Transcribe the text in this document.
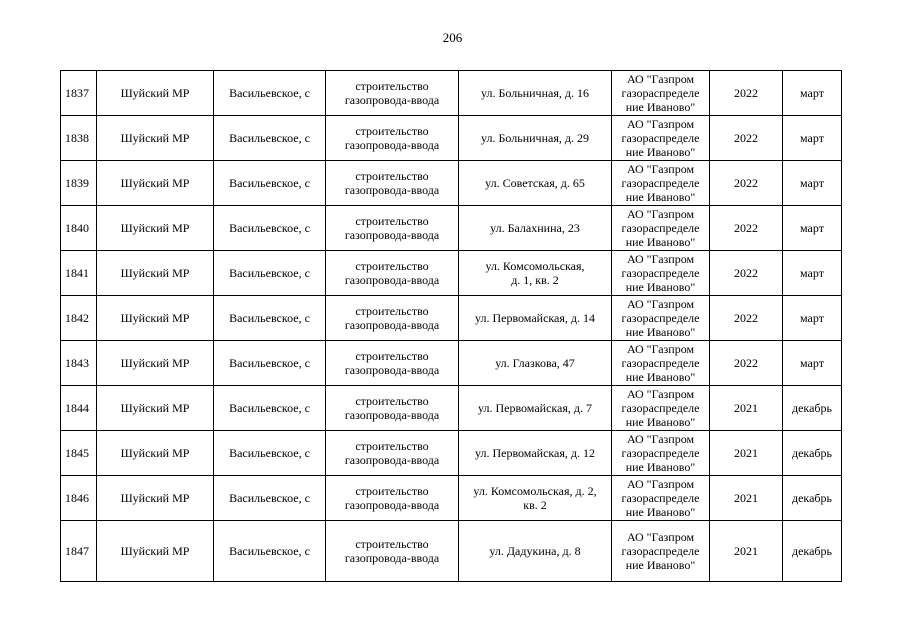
206
1837	Шуйский МР	Васильевское, с	строительство
газопровода-ввода	ул. Больничная, д. 16	АО "Газпром
газораспределе
ние Иваново"	2022	март
1838	Шуйский МР	Васильевское, с	строительство
газопровода-ввода	ул. Больничная, д. 29	АО "Газпром
газораспределе
ние Иваново"	2022	март
1839	Шуйский МР	Васильевское, с	строительство
газопровода-ввода	ул. Советская, д. 65	АО "Газпром
газораспределе
ние Иваново"	2022	март
1840	Шуйский МР	Васильевское, с	строительство
газопровода-ввода	ул. Балахнина, 23	АО "Газпром
газораспределе
ние Иваново"	2022	март
1841	Шуйский МР	Васильевское, с	строительство
газопровода-ввода	ул. Комсомольская,
д. 1, кв. 2	АО "Газпром
газораспределе
ние Иваново"	2022	март
1842	Шуйский МР	Васильевское, с	строительство
газопровода-ввода	ул. Первомайская, д. 14	АО "Газпром
газораспределе
ние Иваново"	2022	март
1843	Шуйский МР	Васильевское, с	строительство
газопровода-ввода	ул. Глазкова, 47	АО "Газпром
газораспределе
ние Иваново"	2022	март
1844	Шуйский МР	Васильевское, с	строительство
газопровода-ввода	ул. Первомайская, д. 7	АО "Газпром
газораспределе
ние Иваново"	2021	декабрь
1845	Шуйский МР	Васильевское, с	строительство
газопровода-ввода	ул. Первомайская, д. 12	АО "Газпром
газораспределе
ние Иваново"	2021	декабрь
1846	Шуйский МР	Васильевское, с	строительство
газопровода-ввода	ул. Комсомольская, д. 2,
кв. 2	АО "Газпром
газораспределе
ние Иваново"	2021	декабрь
1847	Шуйский МР	Васильевское, с	строительство
газопровода-ввода	ул. Дадукина, д. 8	АО "Газпром
газораспределе
ние Иваново"	2021	декабрь
